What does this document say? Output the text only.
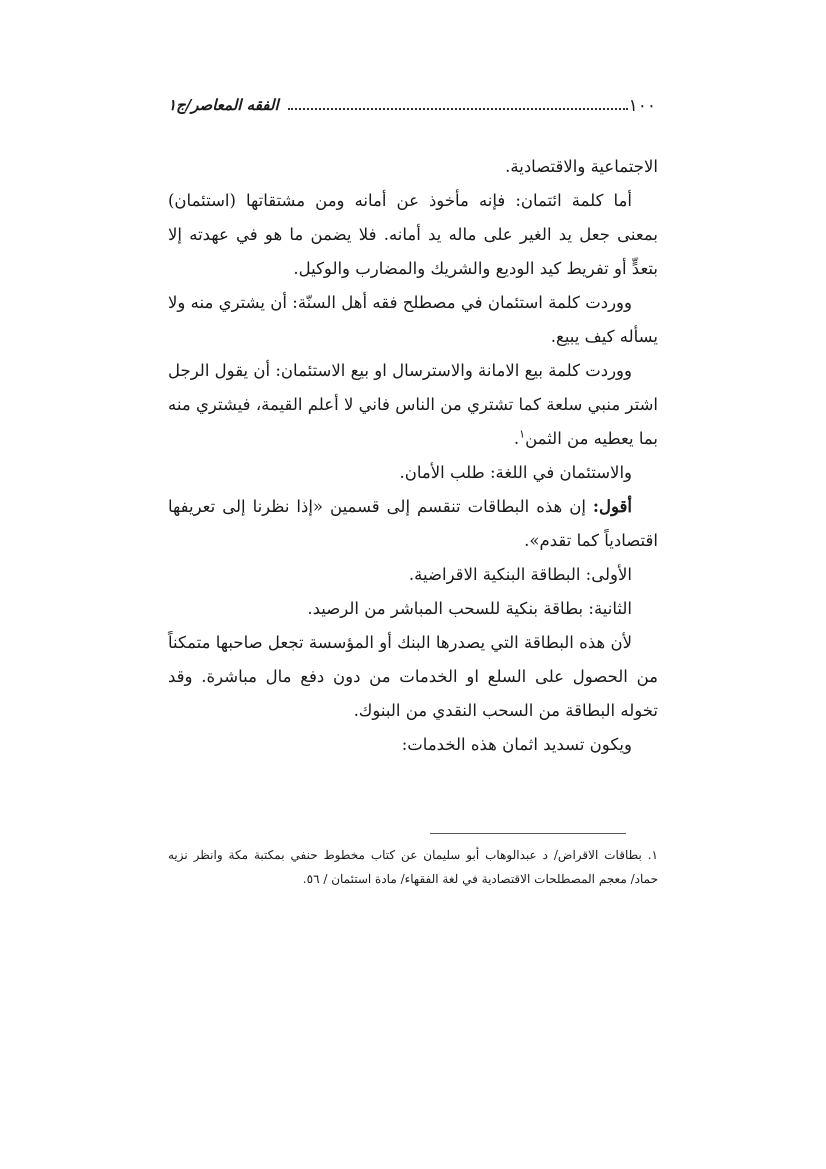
١٠٠
الفقه المعاصر/ج١

الاجتماعية والاقتصادية.

أما كلمة ائتمان: فإنه مأخوذ عن أمانه ومن مشتقاتها (استئمان) بمعنى جعل يد الغير على ماله يد أمانه. فلا يضمن ما هو في عهدته إلا بتعدٍّ أو تفريط كيد الوديع والشريك والمضارب والوكيل.

ووردت كلمة استئمان في مصطلح فقه أهل السنّة: أن يشتري منه ولا يسأله كيف يبيع.

ووردت كلمة بيع الامانة والاسترسال او بيع الاستئمان: أن يقول الرجل اشتر منبي سلعة كما تشتري من الناس فاني لا أعلم القيمة، فيشتري منه بما يعطيه من الثمن$^١$.

والاستئمان في اللغة: طلب الأمان.

أقول: إن هذه البطاقات تنقسم إلى قسمين «إذا نظرنا إلى تعريفها اقتصادياً كما تقدم».

الأولى: البطاقة البنكية الاقراضية.

الثانية: بطاقة بنكية للسحب المباشر من الرصيد.

لأن هذه البطاقة التي يصدرها البنك أو المؤسسة تجعل صاحبها متمكناً من الحصول على السلع او الخدمات من دون دفع مال مباشرة. وقد تخوله البطاقة من السحب النقدي من البنوك.

ويكون تسديد اثمان هذه الخدمات:

١. بطاقات الاقراض/ د عبدالوهاب أبو سليمان عن كتاب مخطوط حنفي بمكتبة مكة وانظر نزيه حماد/ معجم المصطلحات الاقتصادية في لغة الفقهاء/ مادة استئمان / ٥٦.
